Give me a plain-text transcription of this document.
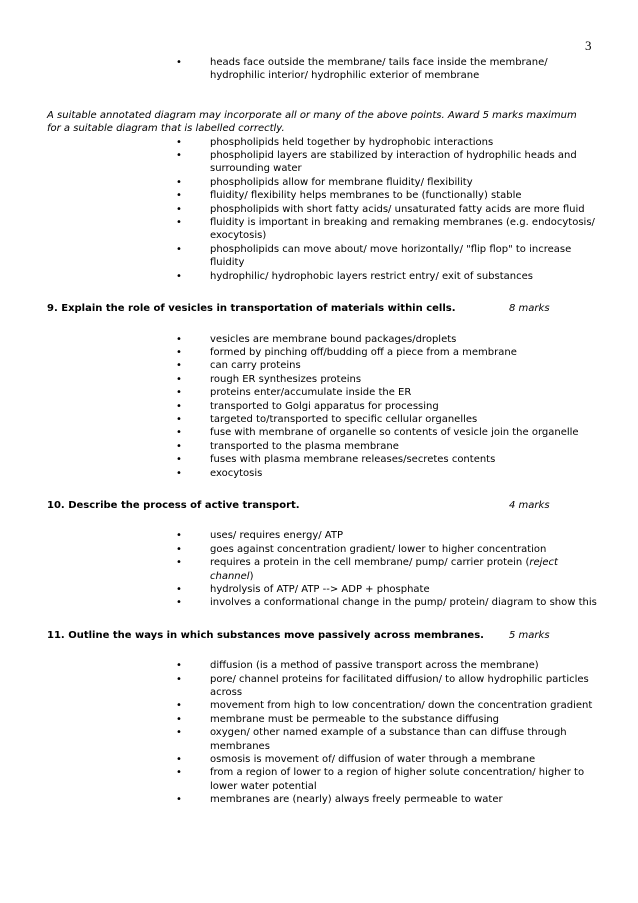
3
•	heads face outside the membrane/ tails face inside the membrane/ hydrophilic interior/ hydrophilic exterior of membrane

A suitable annotated diagram may incorporate all or many of the above points. Award 5 marks maximum for a suitable diagram that is labelled correctly.

•	phospholipids held together by hydrophobic interactions
•	phospholipid layers are stabilized by interaction of hydrophilic heads and surrounding water
•	phospholipids allow for membrane fluidity/ flexibility
•	fluidity/ flexibility helps membranes to be (functionally) stable
•	phospholipids with short fatty acids/ unsaturated fatty acids are more fluid
•	fluidity is important in breaking and remaking membranes (e.g. endocytosis/ exocytosis)
•	phospholipids can move about/ move horizontally/ "flip flop" to increase fluidity
•	hydrophilic/ hydrophobic layers restrict entry/ exit of substances
9. Explain the role of vesicles in transportation of materials within cells.	8 marks
•	vesicles are membrane bound packages/droplets
•	formed by pinching off/budding off a piece from a membrane
•	can carry proteins
•	rough ER synthesizes proteins
•	proteins enter/accumulate inside the ER
•	transported to Golgi apparatus for processing
•	targeted to/transported to specific cellular organelles
•	fuse with membrane of organelle so contents of vesicle join the organelle
•	transported to the plasma membrane
•	fuses with plasma membrane releases/secretes contents
•	exocytosis
10. Describe the process of active transport.	4 marks
•	uses/ requires energy/ ATP
•	goes against concentration gradient/ lower to higher concentration
•	requires a protein in the cell membrane/ pump/ carrier protein (reject channel)
•	hydrolysis of ATP/ ATP --> ADP + phosphate
•	involves a conformational change in the pump/ protein/ diagram to show this
11. Outline the ways in which substances move passively across membranes.	5 marks
•	diffusion (is a method of passive transport across the membrane)
•	pore/ channel proteins for facilitated diffusion/ to allow hydrophilic particles across
•	movement from high to low concentration/ down the concentration gradient
•	membrane must be permeable to the substance diffusing
•	oxygen/ other named example of a substance than can diffuse through membranes
•	osmosis is movement of/ diffusion of water through a membrane
•	from a region of lower to a region of higher solute concentration/ higher to lower water potential
•	membranes are (nearly) always freely permeable to water
